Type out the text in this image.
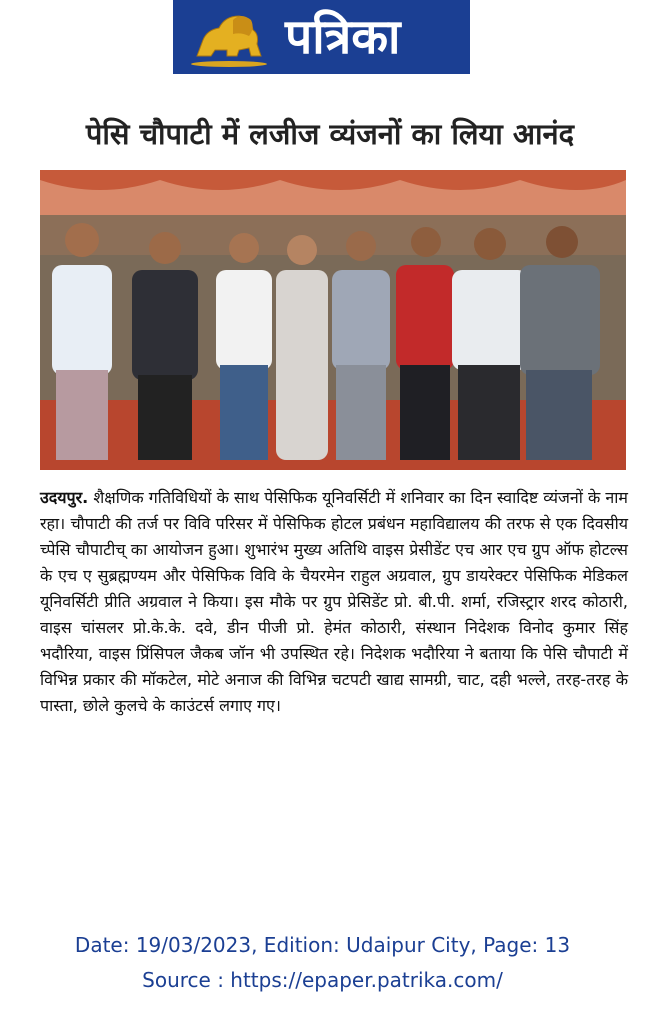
पत्रिका
पेसि चौपाटी में लजीज व्यंजनों का लिया आनंद
उदयपुर. शैक्षणिक गतिविधियों के साथ पेसिफिक यूनिवर्सिटी में शनिवार का दिन स्वादिष्ट व्यंजनों के नाम रहा। चौपाटी की तर्ज पर विवि परिसर में पेसिफिक होटल प्रबंधन महाविद्यालय की तरफ से एक दिवसीय च्पेसि चौपाटीच् का आयोजन हुआ। शुभारंभ मुख्य अतिथि वाइस प्रेसीडेंट एच आर एच ग्रुप ऑफ होटल्स के एच ए सुब्रह्मण्यम और पेसिफिक विवि के चैयरमेन राहुल अग्रवाल, ग्रुप डायरेक्टर पेसिफिक मेडिकल यूनिवर्सिटी प्रीति अग्रवाल ने किया। इस मौके पर ग्रुप प्रेसिडेंट प्रो. बी.पी. शर्मा, रजिस्ट्रार शरद कोठारी, वाइस चांसलर प्रो.के.के. दवे, डीन पीजी प्रो. हेमंत कोठारी, संस्थान निदेशक विनोद कुमार सिंह भदौरिया, वाइस प्रिंसिपल जैकब जॉन भी उपस्थित रहे। निदेशक भदौरिया ने बताया कि पेसि चौपाटी में विभिन्न प्रकार की मॉकटेल, मोटे अनाज की विभिन्न चटपटी खाद्य सामग्री, चाट, दही भल्ले, तरह-तरह के पास्ता, छोले कुलचे के काउंटर्स लगाए गए।
Date: 19/03/2023, Edition: Udaipur City, Page: 13
Source : https://epaper.patrika.com/
